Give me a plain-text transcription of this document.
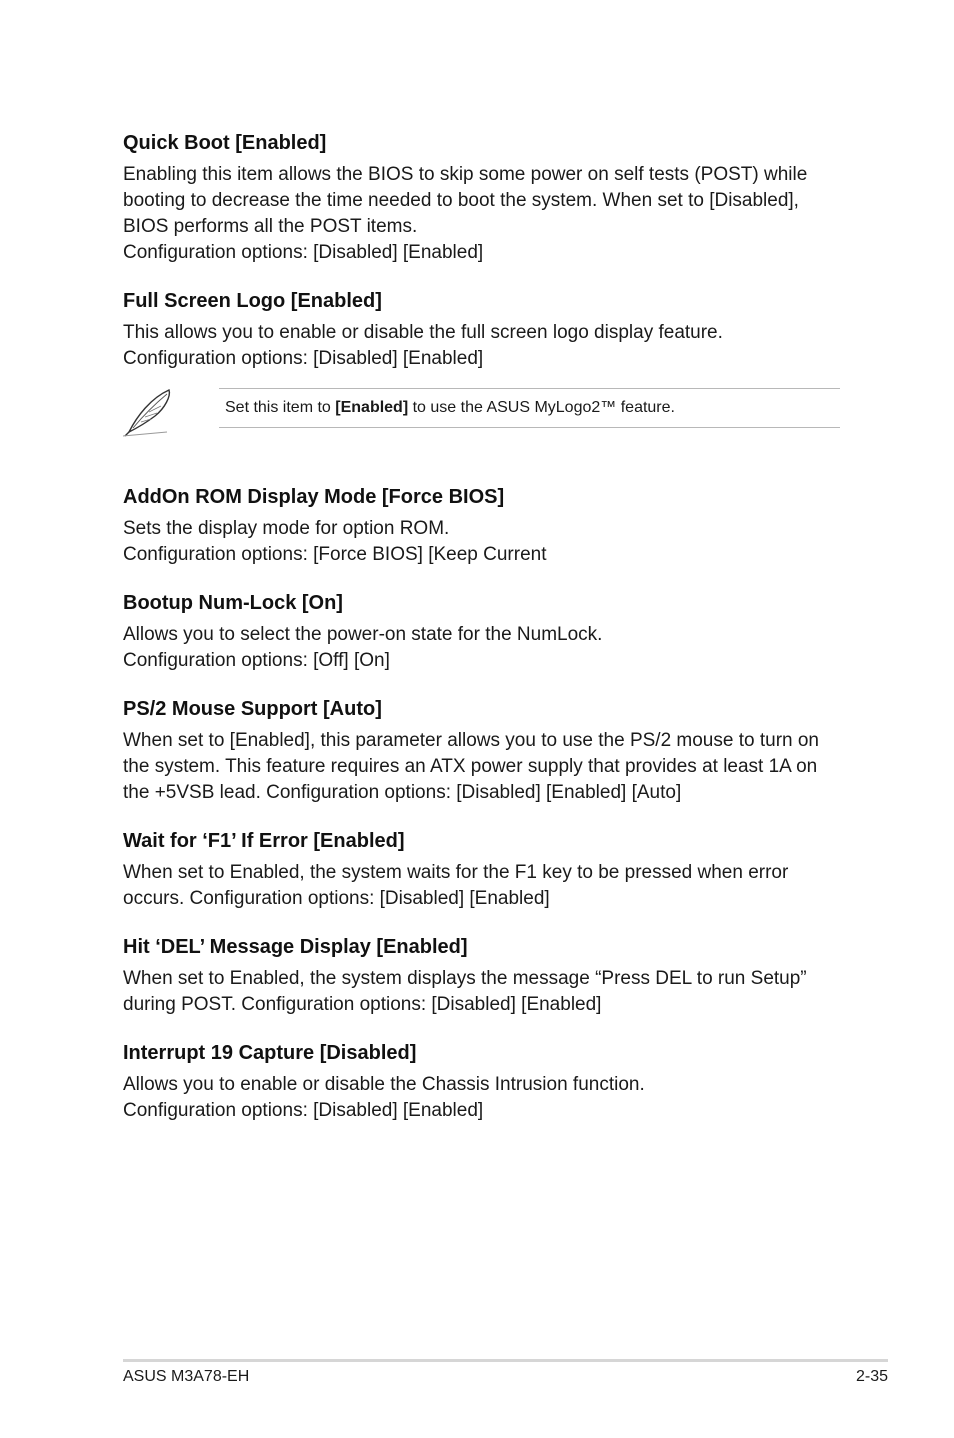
Quick Boot [Enabled]

Enabling this item allows the BIOS to skip some power on self tests (POST) while booting to decrease the time needed to boot the system. When set to [Disabled], BIOS performs all the POST items.
Configuration options: [Disabled] [Enabled]

Full Screen Logo [Enabled]

This allows you to enable or disable the full screen logo display feature.
Configuration options: [Disabled] [Enabled]

Set this item to [Enabled] to use the ASUS MyLogo2™ feature.
AddOn ROM Display Mode [Force BIOS]

Sets the display mode for option ROM.
Configuration options: [Force BIOS] [Keep Current

Bootup Num-Lock [On]

Allows you to select the power-on state for the NumLock.
Configuration options: [Off] [On]

PS/2 Mouse Support [Auto]

When set to [Enabled], this parameter allows you to use the PS/2 mouse to turn on the system. This feature requires an ATX power supply that provides at least 1A on the +5VSB lead. Configuration options: [Disabled] [Enabled] [Auto]

Wait for ‘F1’ If Error [Enabled]

When set to Enabled, the system waits for the F1 key to be pressed when error occurs. Configuration options: [Disabled] [Enabled]

Hit ‘DEL’ Message Display [Enabled]

When set to Enabled, the system displays the message “Press DEL to run Setup” during POST. Configuration options: [Disabled] [Enabled]

Interrupt 19 Capture [Disabled]

Allows you to enable or disable the Chassis Intrusion function.
Configuration options: [Disabled] [Enabled]

ASUS M3A78-EH	2-35
